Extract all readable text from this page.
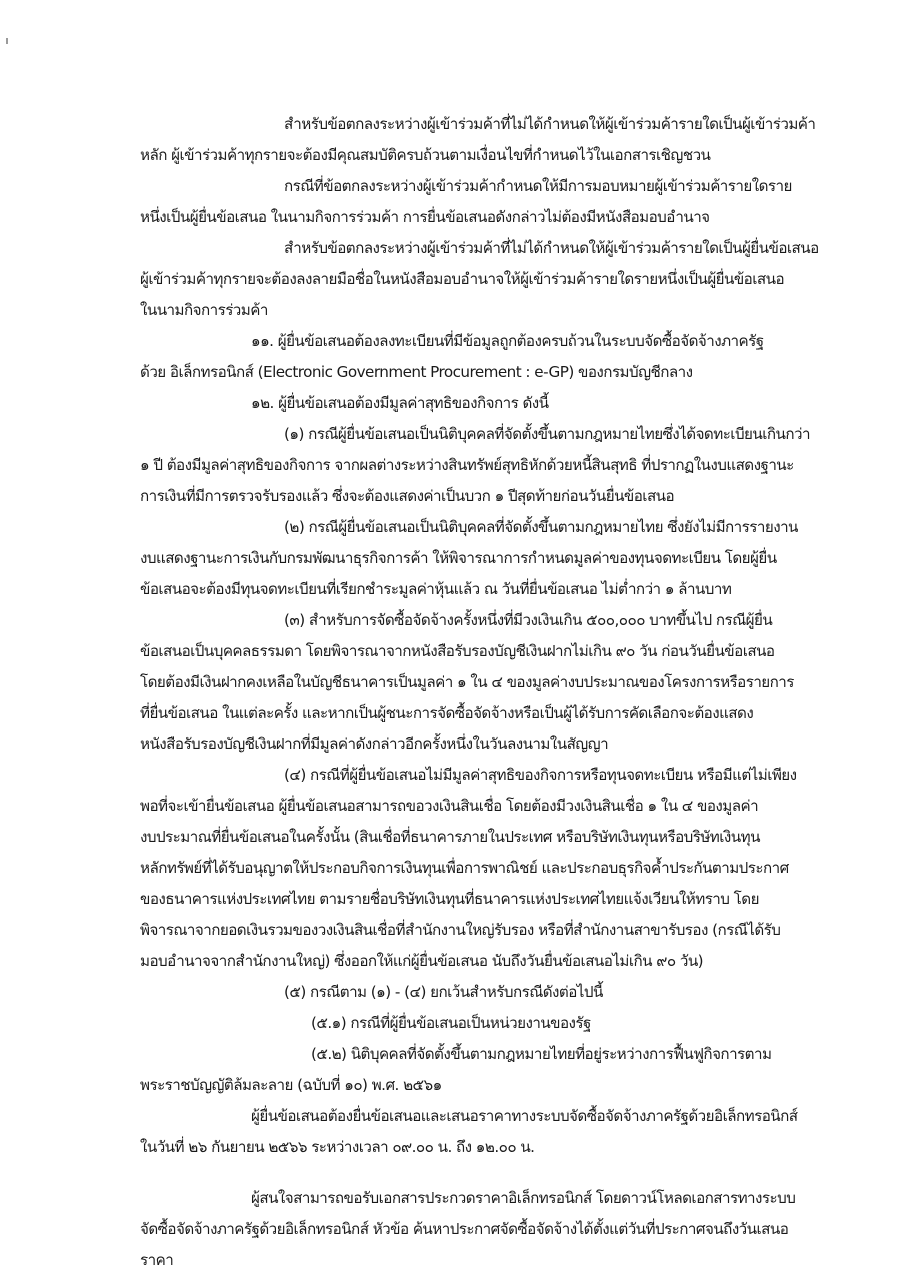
สำหรับข้อตกลงระหว่างผู้เข้าร่วมค้าที่ไม่ได้กำหนดให้ผู้เข้าร่วมค้ารายใดเป็นผู้เข้าร่วมค้า
หลัก ผู้เข้าร่วมค้าทุกรายจะต้องมีคุณสมบัติครบถ้วนตามเงื่อนไขที่กำหนดไว้ในเอกสารเชิญชวน
กรณีที่ข้อตกลงระหว่างผู้เข้าร่วมค้ากำหนดให้มีการมอบหมายผู้เข้าร่วมค้ารายใดราย
หนึ่งเป็นผู้ยื่นข้อเสนอ ในนามกิจการร่วมค้า การยื่นข้อเสนอดังกล่าวไม่ต้องมีหนังสือมอบอำนาจ
สำหรับข้อตกลงระหว่างผู้เข้าร่วมค้าที่ไม่ได้กำหนดให้ผู้เข้าร่วมค้ารายใดเป็นผู้ยื่นข้อเสนอ
ผู้เข้าร่วมค้าทุกรายจะต้องลงลายมือชื่อในหนังสือมอบอำนาจให้ผู้เข้าร่วมค้ารายใดรายหนึ่งเป็นผู้ยื่นข้อเสนอ
ในนามกิจการร่วมค้า
๑๑. ผู้ยื่นข้อเสนอต้องลงทะเบียนที่มีข้อมูลถูกต้องครบถ้วนในระบบจัดซื้อจัดจ้างภาครัฐ
ด้วย อิเล็กทรอนิกส์ (Electronic Government Procurement : e-GP) ของกรมบัญชีกลาง
๑๒. ผู้ยื่นข้อเสนอต้องมีมูลค่าสุทธิของกิจการ ดังนี้
(๑) กรณีผู้ยื่นข้อเสนอเป็นนิติบุคคลที่จัดตั้งขึ้นตามกฎหมายไทยซึ่งได้จดทะเบียนเกินกว่า
๑ ปี ต้องมีมูลค่าสุทธิของกิจการ จากผลต่างระหว่างสินทรัพย์สุทธิหักด้วยหนี้สินสุทธิ ที่ปรากฏในงบแสดงฐานะ
การเงินที่มีการตรวจรับรองแล้ว ซึ่งจะต้องแสดงค่าเป็นบวก ๑ ปีสุดท้ายก่อนวันยื่นข้อเสนอ
(๒) กรณีผู้ยื่นข้อเสนอเป็นนิติบุคคลที่จัดตั้งขึ้นตามกฎหมายไทย ซึ่งยังไม่มีการรายงาน
งบแสดงฐานะการเงินกับกรมพัฒนาธุรกิจการค้า ให้พิจารณาการกำหนดมูลค่าของทุนจดทะเบียน โดยผู้ยื่น
ข้อเสนอจะต้องมีทุนจดทะเบียนที่เรียกชำระมูลค่าหุ้นแล้ว ณ วันที่ยื่นข้อเสนอ ไม่ต่ำกว่า ๑ ล้านบาท
(๓) สำหรับการจัดซื้อจัดจ้างครั้งหนึ่งที่มีวงเงินเกิน ๕๐๐,๐๐๐ บาทขึ้นไป กรณีผู้ยื่น
ข้อเสนอเป็นบุคคลธรรมดา โดยพิจารณาจากหนังสือรับรองบัญชีเงินฝากไม่เกิน ๙๐ วัน ก่อนวันยื่นข้อเสนอ
โดยต้องมีเงินฝากคงเหลือในบัญชีธนาคารเป็นมูลค่า ๑ ใน ๔ ของมูลค่างบประมาณของโครงการหรือรายการ
ที่ยื่นข้อเสนอ ในแต่ละครั้ง และหากเป็นผู้ชนะการจัดซื้อจัดจ้างหรือเป็นผู้ได้รับการคัดเลือกจะต้องแสดง
หนังสือรับรองบัญชีเงินฝากที่มีมูลค่าดังกล่าวอีกครั้งหนึ่งในวันลงนามในสัญญา
(๔) กรณีที่ผู้ยื่นข้อเสนอไม่มีมูลค่าสุทธิของกิจการหรือทุนจดทะเบียน หรือมีแต่ไม่เพียง
พอที่จะเข้ายื่นข้อเสนอ ผู้ยื่นข้อเสนอสามารถขอวงเงินสินเชื่อ โดยต้องมีวงเงินสินเชื่อ ๑ ใน ๔ ของมูลค่า
งบประมาณที่ยื่นข้อเสนอในครั้งนั้น (สินเชื่อที่ธนาคารภายในประเทศ หรือบริษัทเงินทุนหรือบริษัทเงินทุน
หลักทรัพย์ที่ได้รับอนุญาตให้ประกอบกิจการเงินทุนเพื่อการพาณิชย์ และประกอบธุรกิจค้ำประกันตามประกาศ
ของธนาคารแห่งประเทศไทย ตามรายชื่อบริษัทเงินทุนที่ธนาคารแห่งประเทศไทยแจ้งเวียนให้ทราบ โดย
พิจารณาจากยอดเงินรวมของวงเงินสินเชื่อที่สำนักงานใหญ่รับรอง หรือที่สำนักงานสาขารับรอง (กรณีได้รับ
มอบอำนาจจากสำนักงานใหญ่) ซึ่งออกให้แก่ผู้ยื่นข้อเสนอ นับถึงวันยื่นข้อเสนอไม่เกิน ๙๐ วัน)
(๕) กรณีตาม (๑) - (๔) ยกเว้นสำหรับกรณีดังต่อไปนี้
(๕.๑) กรณีที่ผู้ยื่นข้อเสนอเป็นหน่วยงานของรัฐ
(๕.๒) นิติบุคคลที่จัดตั้งขึ้นตามกฎหมายไทยที่อยู่ระหว่างการฟื้นฟูกิจการตาม
พระราชบัญญัติล้มละลาย (ฉบับที่ ๑๐) พ.ศ. ๒๕๖๑
ผู้ยื่นข้อเสนอต้องยื่นข้อเสนอและเสนอราคาทางระบบจัดซื้อจัดจ้างภาครัฐด้วยอิเล็กทรอนิกส์
ในวันที่ ๒๖ กันยายน ๒๕๖๖ ระหว่างเวลา ๐๙.๐๐ น. ถึง ๑๒.๐๐ น.
ผู้สนใจสามารถขอรับเอกสารประกวดราคาอิเล็กทรอนิกส์ โดยดาวน์โหลดเอกสารทางระบบ
จัดซื้อจัดจ้างภาครัฐด้วยอิเล็กทรอนิกส์ หัวข้อ ค้นหาประกาศจัดซื้อจัดจ้างได้ตั้งแต่วันที่ประกาศจนถึงวันเสนอ
ราคา
